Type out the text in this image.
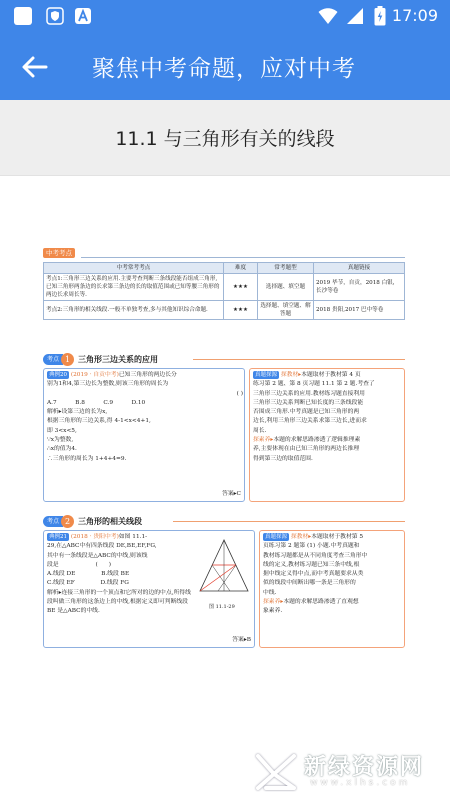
17:09
聚焦中考命题，应对中考
11.1 与三角形有关的线段
中考考点
中考常考考点	难度	常考题型	真题链接
考点1:三角形三边关系的应用.主要考查判断三条线段能否组成三角形,已知三角形两条边的长求第三条边的长的取值范围或已知等腰三角形的两边长求周长等.	★★★	选择题、填空题	2019 毕节，自贡，2018 白银，长沙等卷
考点2:三角形的相关线段.一般不单独考查,多与其他知识综合命题.	★★★	选择题、填空题、解答题	2018 贵阳,2017 巴中等卷
考点 1 三角形三边关系的应用

典例20 (2019 · 自贡中考)已知三角形的两边长分

别为1和4,第三边长为整数,则该三角形的周长为

( )

A.7          B.8          C.9          D.10

解析▸设第三边的长为x,

根据三角形的三边关系,得 4-1<x<4+1,

即 3<x<5,

∵x为整数,

∴x的值为4.

∴三角形的周长为 1+4+4=9.

答案▸C

真题探源 探教材▸本题取材于教材第 4 页

练习第 2 题、第 8 页习题 11.1 第 2 题.考查了

三角形三边关系的应用.教材练习题直接利用

三角形三边关系判断已知长度的三条线段能

否围成三角形.中考真题是已知三角形的两

边长,利用三角形三边关系求第三边长,进而求

周长.

探素养▸本题的求解思路渗透了逻辑推理素

养,主要体现在由已知三角形的两边长推理

得到第三边的取值范围.

考点 2 三角形的相关线段

典例21 (2018 · 贵阳中考)如图 11.1-

29,在△ABC中有四条线段 DE,BE,EF,FG,

其中有一条线段是△ABC的中线,则该线

段是                    (      )

A.线段 DE              B.线段 BE

C.线段 EF              D.线段 FG

解析▸连接三角形的一个顶点和它所对的边的中点,所得线

段叫做三角形的这条边上的中线,根据定义即可判断线段

BE 是△ABC的中线.

图 11.1-29
答案▸B

真题探源 探教材▸本题取材于教材第 5

页练习第 2 题第 (1) 小题.中考真题和

教材练习题都是从不同角度考查三角形中

线的定义,教材练习题已知三条中线,根

据中线定义得中点,而中考真题要求从类

似的线段中间断出哪一条是三角形的

中线.

探素养▸本题的求解思路渗透了直观想

象素养.

新绿资源网
www.xlhs.com
